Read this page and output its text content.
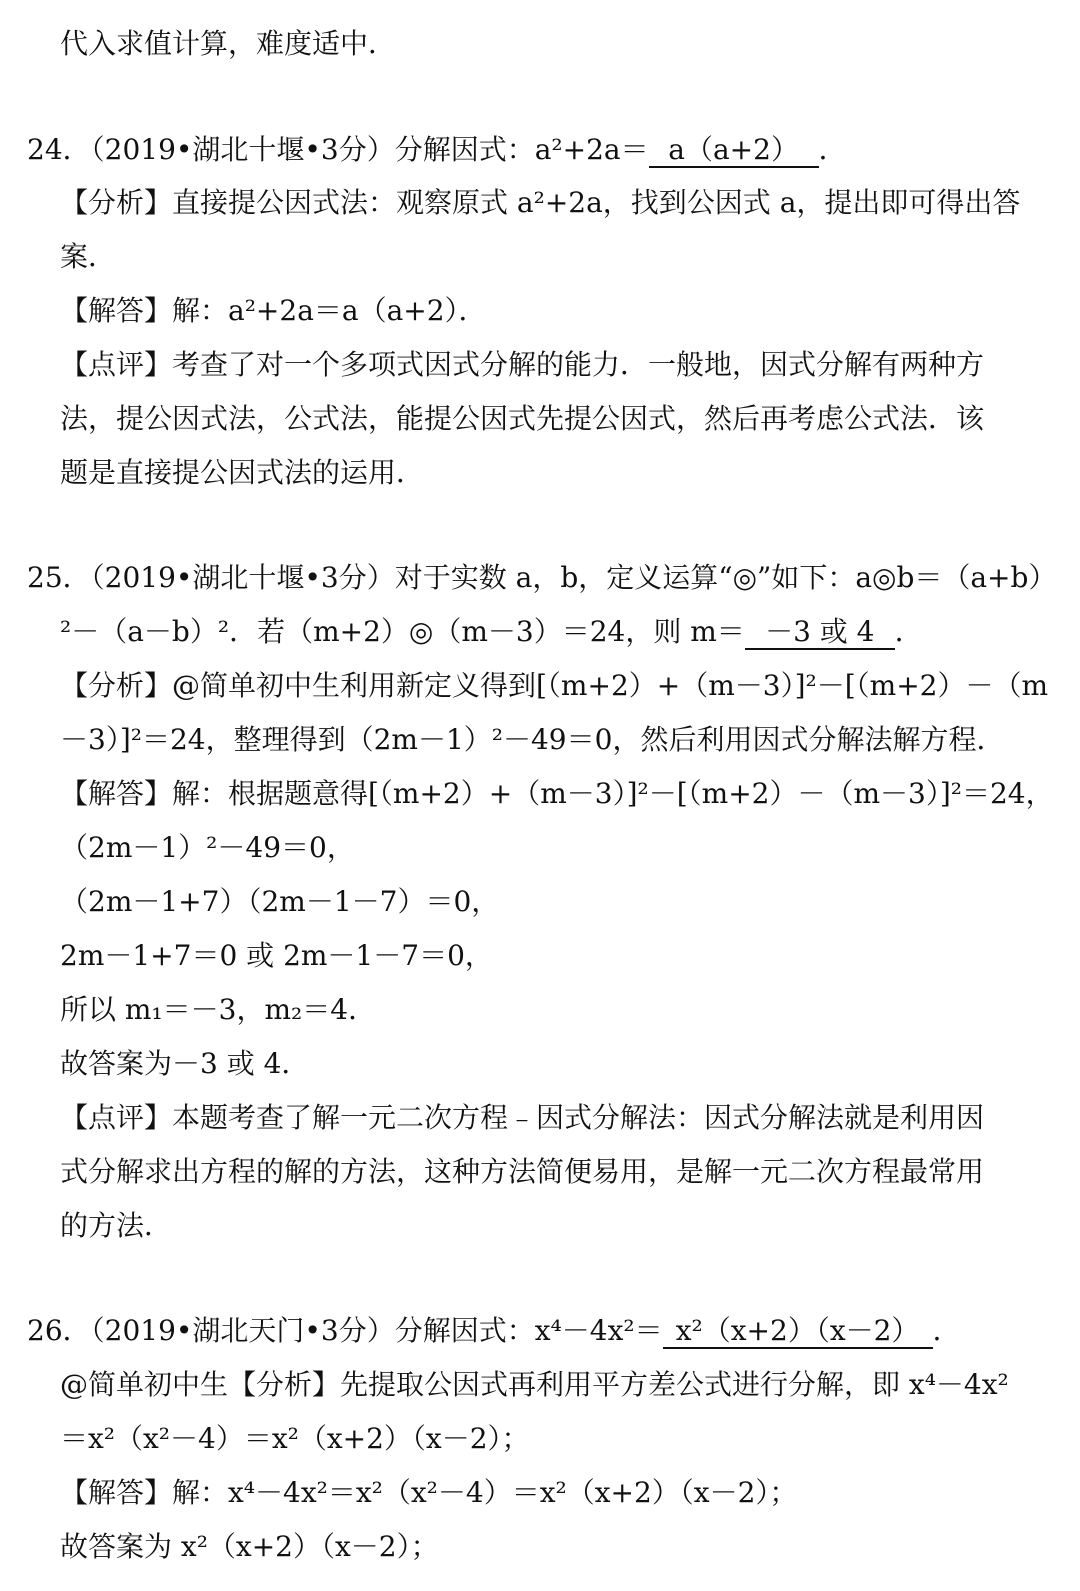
代入求值计算，难度适中．
24．（2019•湖北十堰•3分）分解因式：a²+2a＝ a（a+2） ．
【分析】直接提公因式法：观察原式 a²+2a，找到公因式 a，提出即可得出答
案．
【解答】解：a²+2a＝a（a+2）．
【点评】考查了对一个多项式因式分解的能力．一般地，因式分解有两种方
法，提公因式法，公式法，能提公因式先提公因式，然后再考虑公式法．该
题是直接提公因式法的运用．
25．（2019•湖北十堰•3分）对于实数 a，b，定义运算“◎”如下：a◎b＝（a+b）
²－（a－b）²．若（m+2）◎（m－3）＝24，则 m＝ －3 或 4 ．
【分析】@简单初中生利用新定义得到[（m+2）+（m－3）]²－[（m+2）－（m
－3）]²＝24，整理得到（2m－1）²－49＝0，然后利用因式分解法解方程．
【解答】解：根据题意得[（m+2）+（m－3）]²－[（m+2）－（m－3）]²＝24，
（2m－1）²－49＝0，
（2m－1+7）（2m－1－7）＝0，
2m－1+7＝0 或 2m－1－7＝0，
所以 m₁＝－3，m₂＝4．
故答案为－3 或 4．
【点评】本题考查了解一元二次方程﹣因式分解法：因式分解法就是利用因
式分解求出方程的解的方法，这种方法简便易用，是解一元二次方程最常用
的方法．
26．（2019•湖北天门•3分）分解因式：x⁴－4x²＝ x²（x+2）（x－2） ．
@简单初中生【分析】先提取公因式再利用平方差公式进行分解，即 x⁴－4x²
＝x²（x²－4）＝x²（x+2）（x－2）；
【解答】解：x⁴－4x²＝x²（x²－4）＝x²（x+2）（x－2）；
故答案为 x²（x+2）（x－2）；
